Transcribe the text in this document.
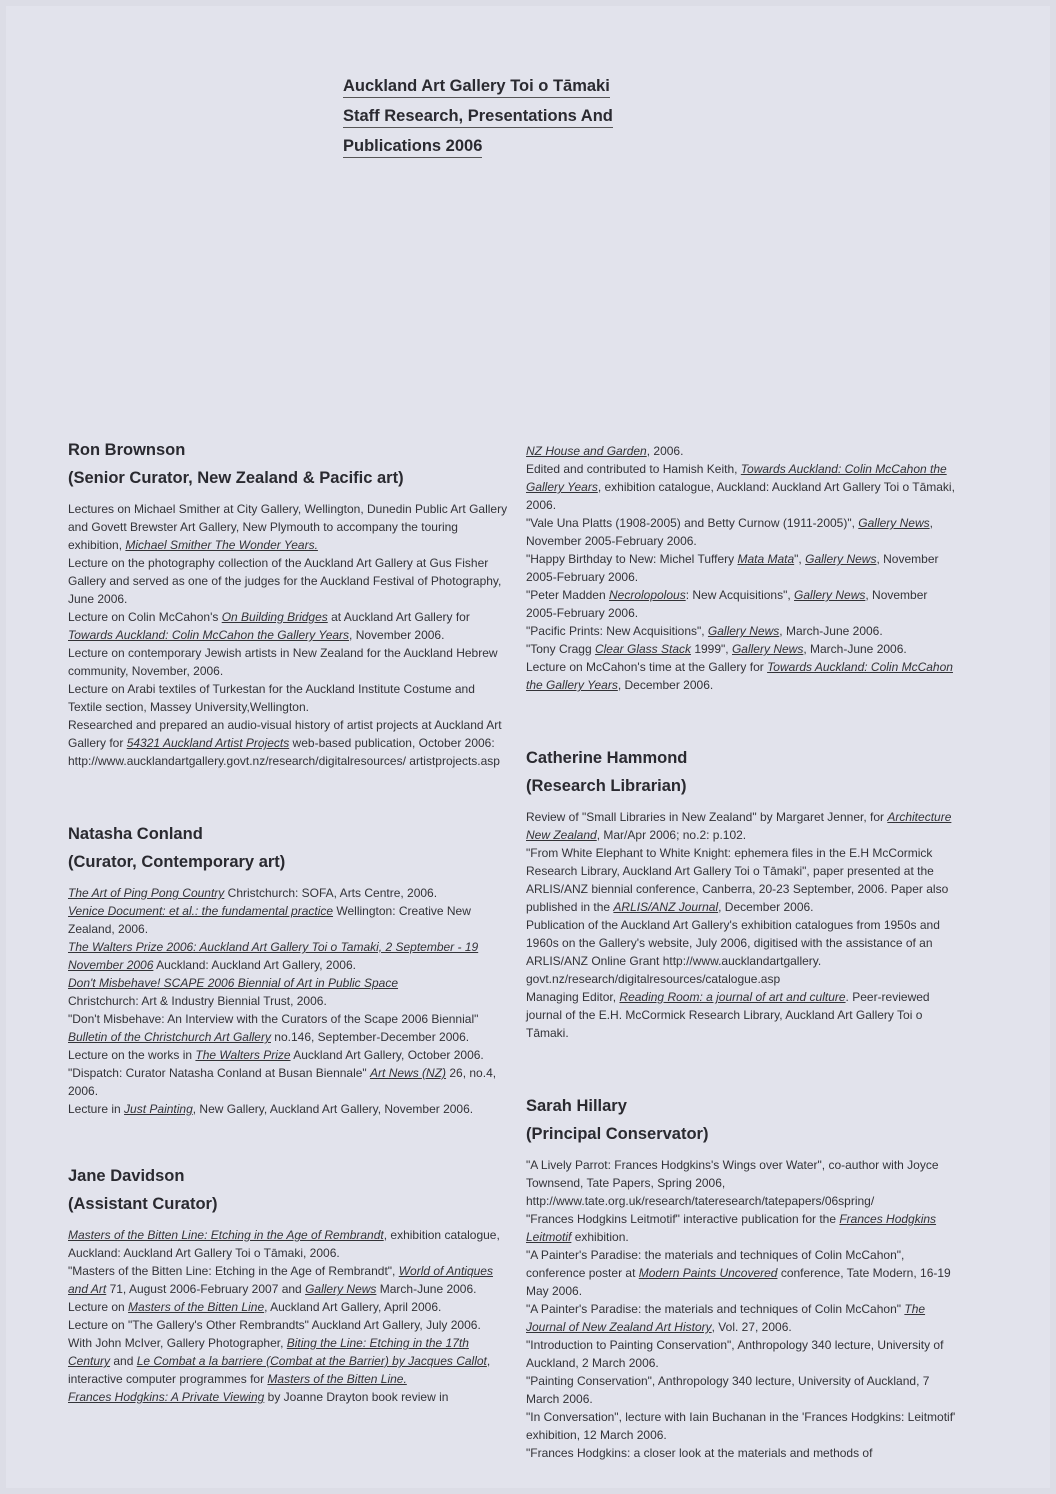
Auckland Art Gallery Toi o Tāmaki
Staff Research, Presentations And
Publications 2006

Ron Brownson

(Senior Curator, New Zealand & Pacific art)

Lectures on Michael Smither at City Gallery, Wellington, Dunedin Public Art Gallery and Govett Brewster Art Gallery, New Plymouth to accompany the touring exhibition, Michael Smither The Wonder Years.

Lecture on the photography collection of the Auckland Art Gallery at Gus Fisher Gallery and served as one of the judges for the Auckland Festival of Photography, June 2006.

Lecture on Colin McCahon's On Building Bridges at Auckland Art Gallery for Towards Auckland: Colin McCahon the Gallery Years, November 2006.

Lecture on contemporary Jewish artists in New Zealand for the Auckland Hebrew community, November, 2006.

Lecture on Arabi textiles of Turkestan for the Auckland Institute Costume and Textile section, Massey University,Wellington.

Researched and prepared an audio-visual history of artist projects at Auckland Art Gallery for 54321 Auckland Artist Projects web-based publication, October 2006:

http://www.aucklandartgallery.govt.nz/research/digitalresources/ artistprojects.asp

Natasha Conland

(Curator, Contemporary art)

The Art of Ping Pong Country Christchurch: SOFA, Arts Centre, 2006.

Venice Document: et al.: the fundamental practice Wellington: Creative New Zealand, 2006.

The Walters Prize 2006: Auckland Art Gallery Toi o Tamaki, 2 September - 19 November 2006 Auckland: Auckland Art Gallery, 2006.

Don't Misbehave! SCAPE 2006 Biennial of Art in Public Space

Christchurch: Art & Industry Biennial Trust, 2006.

"Don't Misbehave: An Interview with the Curators of the Scape 2006 Biennial"

Bulletin of the Christchurch Art Gallery no.146, September-December 2006.

Lecture on the works in The Walters Prize Auckland Art Gallery, October 2006.

"Dispatch: Curator Natasha Conland at Busan Biennale" Art News (NZ) 26, no.4, 2006.

Lecture in Just Painting, New Gallery, Auckland Art Gallery, November 2006.

Jane Davidson

(Assistant Curator)

Masters of the Bitten Line: Etching in the Age of Rembrandt, exhibition catalogue, Auckland: Auckland Art Gallery Toi o Tāmaki, 2006.

"Masters of the Bitten Line: Etching in the Age of Rembrandt", World of Antiques and Art 71, August 2006-February 2007 and Gallery News March-June 2006.

Lecture on Masters of the Bitten Line, Auckland Art Gallery, April 2006.

Lecture on "The Gallery's Other Rembrandts" Auckland Art Gallery, July 2006.

With John McIver, Gallery Photographer, Biting the Line: Etching in the 17th Century and Le Combat a la barriere (Combat at the Barrier) by Jacques Callot, interactive computer programmes for Masters of the Bitten Line.

Frances Hodgkins: A Private Viewing by Joanne Drayton book review in

NZ House and Garden, 2006.

Edited and contributed to Hamish Keith, Towards Auckland: Colin McCahon the Gallery Years, exhibition catalogue, Auckland: Auckland Art Gallery Toi o Tāmaki, 2006.

"Vale Una Platts (1908-2005) and Betty Curnow (1911-2005)", Gallery News, November 2005-February 2006.

"Happy Birthday to New: Michel Tuffery Mata Mata", Gallery News, November 2005-February 2006.

"Peter Madden Necrolopolous: New Acquisitions", Gallery News, November 2005-February 2006.

"Pacific Prints: New Acquisitions", Gallery News, March-June 2006.

"Tony Cragg Clear Glass Stack 1999", Gallery News, March-June 2006.

Lecture on McCahon's time at the Gallery for Towards Auckland: Colin McCahon the Gallery Years, December 2006.

Catherine Hammond

(Research Librarian)

Review of "Small Libraries in New Zealand" by Margaret Jenner, for Architecture New Zealand, Mar/Apr 2006; no.2: p.102.

"From White Elephant to White Knight: ephemera files in the E.H McCormick Research Library, Auckland Art Gallery Toi o Tāmaki", paper presented at the ARLIS/ANZ biennial conference, Canberra, 20-23 September, 2006. Paper also published in the ARLIS/ANZ Journal, December 2006.

Publication of the Auckland Art Gallery's exhibition catalogues from 1950s and 1960s on the Gallery's website, July 2006, digitised with the assistance of an ARLIS/ANZ Online Grant http://www.aucklandartgallery. govt.nz/research/digitalresources/catalogue.asp

Managing Editor, Reading Room: a journal of art and culture. Peer-reviewed journal of the E.H. McCormick Research Library, Auckland Art Gallery Toi o Tāmaki.

Sarah Hillary

(Principal Conservator)

"A Lively Parrot: Frances Hodgkins's Wings over Water", co-author with Joyce Townsend, Tate Papers, Spring 2006, http://www.tate.org.uk/research/tateresearch/tatepapers/06spring/

"Frances Hodgkins Leitmotif" interactive publication for the Frances Hodgkins Leitmotif exhibition.

"A Painter's Paradise: the materials and techniques of Colin McCahon", conference poster at Modern Paints Uncovered conference, Tate Modern, 16-19 May 2006.

"A Painter's Paradise: the materials and techniques of Colin McCahon" The Journal of New Zealand Art History, Vol. 27, 2006.

"Introduction to Painting Conservation", Anthropology 340 lecture, University of Auckland, 2 March 2006.

"Painting Conservation", Anthropology 340 lecture, University of Auckland, 7 March 2006.

"In Conversation", lecture with Iain Buchanan in the 'Frances Hodgkins: Leitmotif' exhibition, 12 March 2006.

"Frances Hodgkins: a closer look at the materials and methods of
